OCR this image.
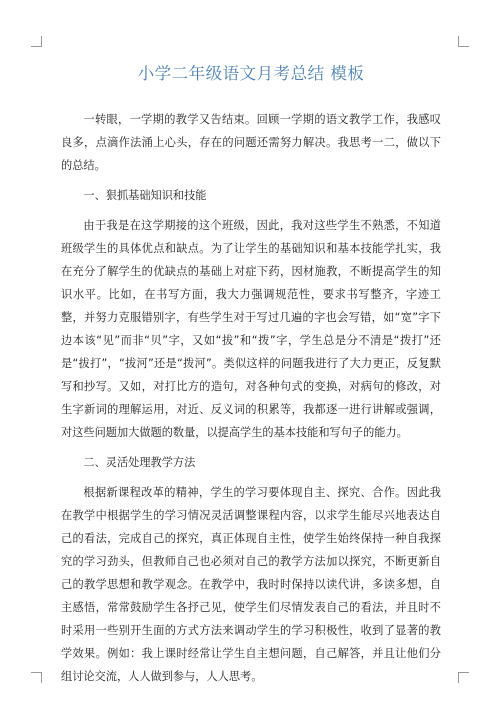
小学二年级语文月考总结 模板

一转眼，一学期的教学又告结束。回顾一学期的语文教学工作，我感叹良多，点滴作法涌上心头，存在的问题还需努力解决。我思考一二，做以下的总结。

一、狠抓基础知识和技能

由于我是在这学期接的这个班级，因此，我对这些学生不熟悉，不知道班级学生的具体优点和缺点。为了让学生的基础知识和基本技能学扎实，我在充分了解学生的优缺点的基础上对症下药，因材施教，不断提高学生的知识水平。比如，在书写方面，我大力强调规范性，要求书写整齐，字迹工整，并努力克服错别字，有些学生对于写过几遍的字也会写错，如“宽”字下边本该“见”而非“贝”字，又如“拔”和“拨”字，学生总是分不清是“拨打”还是“拔打”，“拔河”还是“拨河”。类似这样的问题我进行了大力更正，反复默写和抄写。又如，对打比方的造句，对各种句式的变换，对病句的修改，对生字新词的理解运用，对近、反义词的积累等，我都逐一进行讲解或强调，对这些问题加大做题的数量，以提高学生的基本技能和写句子的能力。

二、灵活处理教学方法

根据新课程改革的精神，学生的学习要体现自主、探究、合作。因此我在教学中根据学生的学习情况灵活调整课程内容，以求学生能尽兴地表达自己的看法，完成自己的探究，真正体现自主性，使学生始终保持一种自我探究的学习劲头，但教师自己也必须对自己的教学方法加以探究，不断更新自己的教学思想和教学观念。在教学中，我时时保持以读代讲，多读多想，自主感悟，常常鼓励学生各抒己见，使学生们尽情发表自己的看法，并且时不时采用一些别开生面的方式方法来调动学生的学习积极性，收到了显著的教学效果。例如：我上课时经常让学生自主想问题，自己解答，并且让他们分组讨论交流，人人做到参与，人人思考。
